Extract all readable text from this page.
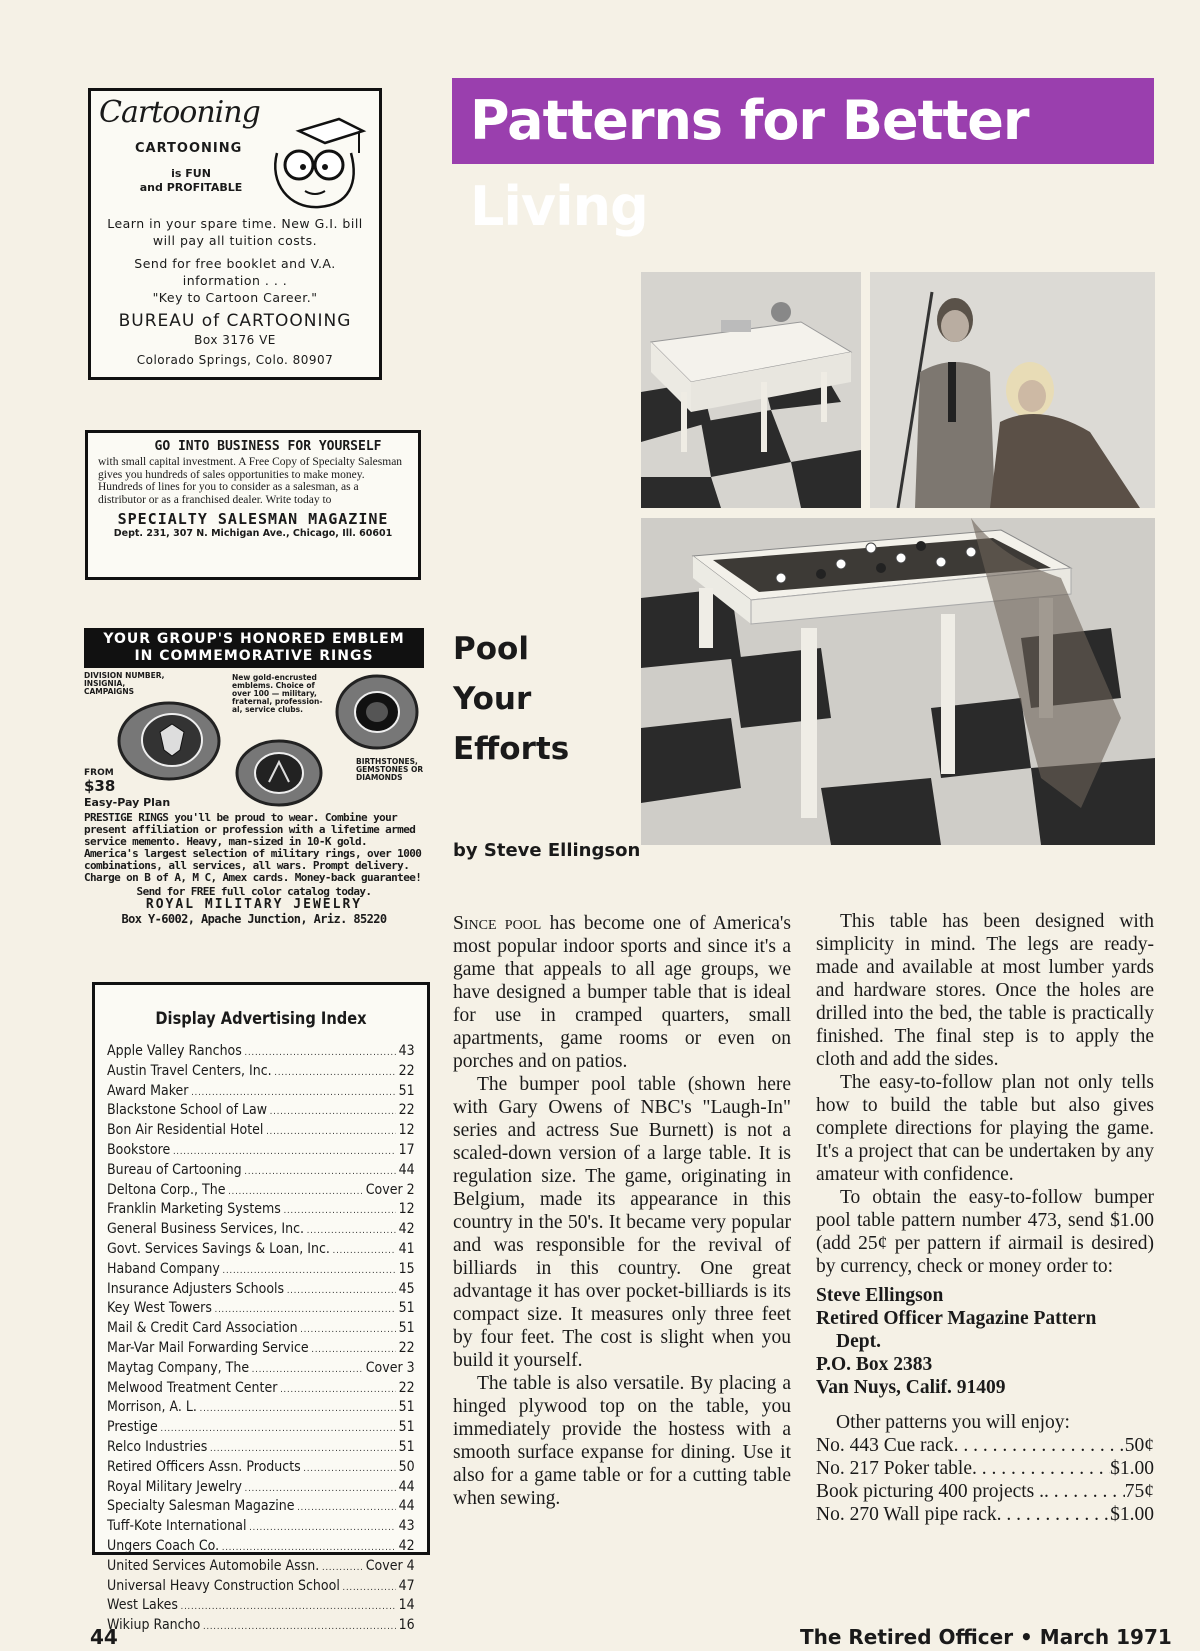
Cartooning
CARTOONING
is FUN
and PROFITABLE
Learn in your spare time. New G.I. bill will pay all tuition costs.
Send for free booklet and V.A. information . . .
"Key to Cartoon Career."
BUREAU of CARTOONING
Box 3176 VE
Colorado Springs, Colo. 80907
GO INTO BUSINESS FOR YOURSELF

with small capital investment. A Free Copy of Specialty Salesman gives you hundreds of sales opportunities to make money. Hundreds of lines for you to consider as a salesman, as a distributor or as a franchised dealer. Write today to

SPECIALTY SALESMAN MAGAZINE
Dept. 231, 307 N. Michigan Ave., Chicago, Ill. 60601
YOUR GROUP'S HONORED EMBLEM
IN COMMEMORATIVE RINGS
DIVISION NUMBER, INSIGNIA, CAMPAIGNS
New gold-encrusted emblems. Choice of over 100 — military, fraternal, profession-al, service clubs.
BIRTHSTONES, GEMSTONES OR DIAMONDS
FROM
$38
Easy-Pay Plan
PRESTIGE RINGS you'll be proud to wear. Combine your present affiliation or profession with a lifetime armed service memento. Heavy, man-sized in 10-K gold. America's largest selection of military rings, over 1000 combinations, all services, all wars. Prompt delivery. Charge on B of A, M C, Amex cards. Money-back guarantee!
Send for FREE full color catalog today.
ROYAL MILITARY JEWELRY
Box Y-6002, Apache Junction, Ariz. 85220
Display Advertising Index
Apple Valley Ranchos .....	43
Austin Travel Centers, Inc. .....	22
Award Maker .....	51
Blackstone School of Law .....	22
Bon Air Residential Hotel .....	12
Bookstore .....	17
Bureau of Cartooning .....	44
Deltona Corp., The .....	Cover 2
Franklin Marketing Systems .....	12
General Business Services, Inc. .....	42
Govt. Services Savings & Loan, Inc. .....	41
Haband Company .....	15
Insurance Adjusters Schools .....	45
Key West Towers .....	51
Mail & Credit Card Association .....	51
Mar-Var Mail Forwarding Service .....	22
Maytag Company, The .....	Cover 3
Melwood Treatment Center .....	22
Morrison, A. L. .....	51
Prestige .....	51
Relco Industries .....	51
Retired Officers Assn. Products .....	50
Royal Military Jewelry .....	44
Specialty Salesman Magazine .....	44
Tuff-Kote International .....	43
Ungers Coach Co. .....	42
United Services Automobile Assn. .....	Cover 4
Universal Heavy Construction School .....	47
West Lakes .....	14
Wikiup Rancho .....	16
Patterns for Better Living
Pool
Your
Efforts
by Steve Ellingson

Since pool has become one of America's most popular indoor sports and since it's a game that appeals to all age groups, we have designed a bumper table that is ideal for use in cramped quarters, small apartments, game rooms or even on porches and on patios.

The bumper pool table (shown here with Gary Owens of NBC's "Laugh-In" series and actress Sue Burnett) is not a scaled-down version of a large table. It is regulation size. The game, originating in Belgium, made its appearance in this country in the 50's. It became very popular and was responsible for the revival of billiards in this country. One great advantage it has over pocket-billiards is its compact size. It measures only three feet by four feet. The cost is slight when you build it yourself.

The table is also versatile. By placing a hinged plywood top on the table, you immediately provide the hostess with a smooth surface expanse for dining. Use it also for a game table or for a cutting table when sewing.

This table has been designed with simplicity in mind. The legs are ready-made and available at most lumber yards and hardware stores. Once the holes are drilled into the bed, the table is practically finished. The final step is to apply the cloth and add the sides.

The easy-to-follow plan not only tells how to build the table but also gives complete directions for playing the game. It's a project that can be undertaken by any amateur with confidence.

To obtain the easy-to-follow bumper pool table pattern number 473, send $1.00 (add 25¢ per pattern if airmail is desired) by currency, check or money order to:

Steve Ellingson
Retired Officer Magazine Pattern
Dept.
P.O. Box 2383
Van Nuys, Calif. 91409
Other patterns you will enjoy:
No. 443 Cue rack . . .	50¢
No. 217 Poker table . . .	$1.00
Book picturing 400 projects . . . .	75¢
No. 270 Wall pipe rack . . .	$1.00
44	The Retired Officer • March 1971
